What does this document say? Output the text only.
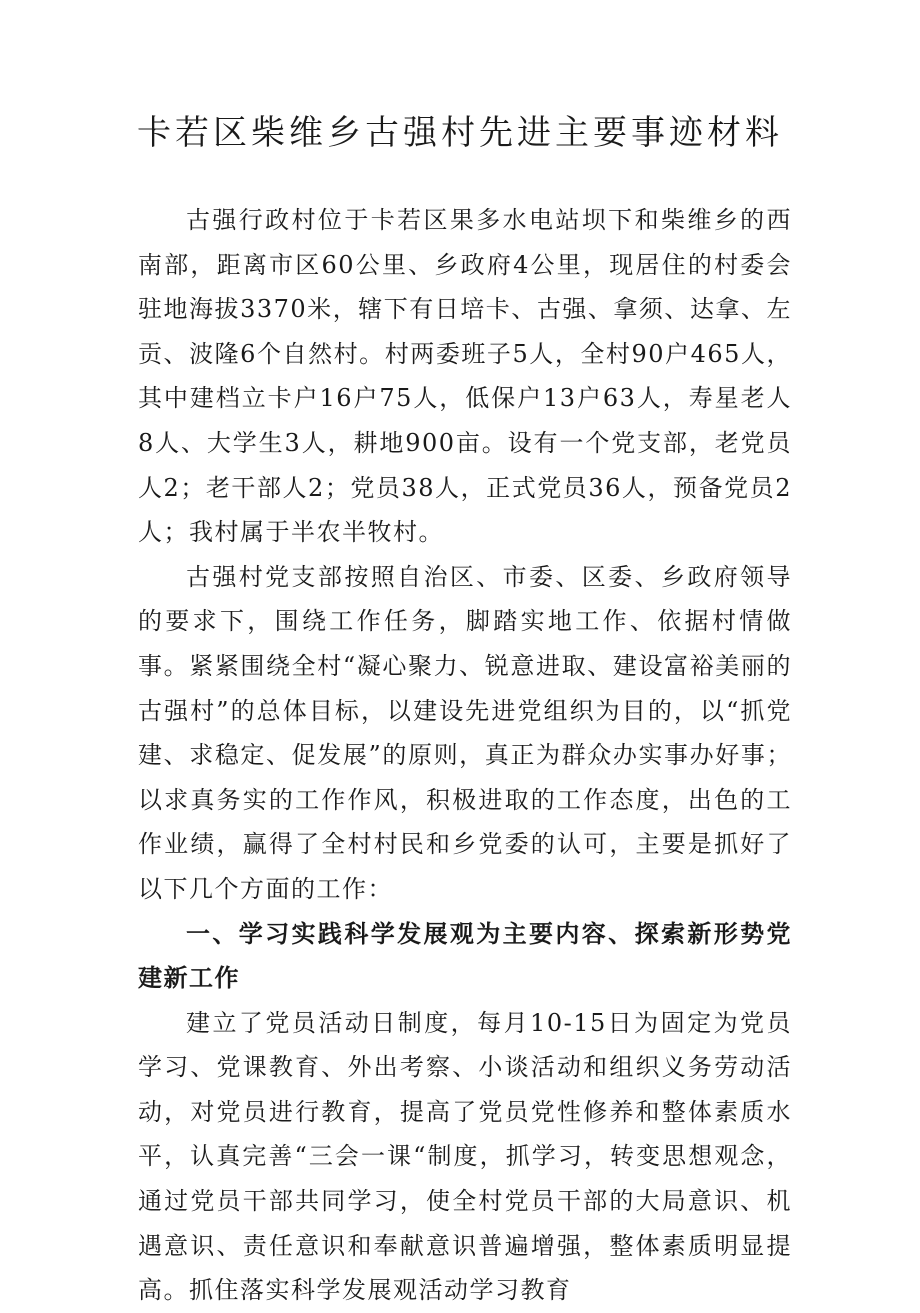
卡若区柴维乡古强村先进主要事迹材料

古强行政村位于卡若区果多水电站坝下和柴维乡的西南部，距离市区60公里、乡政府4公里，现居住的村委会驻地海拔3370米，辖下有日培卡、古强、拿须、达拿、左贡、波隆6个自然村。村两委班子5人，全村90户465人，其中建档立卡户16户75人，低保户13户63人，寿星老人8人、大学生3人，耕地900亩。设有一个党支部，老党员人2；老干部人2；党员38人，正式党员36人，预备党员2人；我村属于半农半牧村。

古强村党支部按照自治区、市委、区委、乡政府领导的要求下，围绕工作任务，脚踏实地工作、依据村情做事。紧紧围绕全村“凝心聚力、锐意进取、建设富裕美丽的古强村”的总体目标，以建设先进党组织为目的，以“抓党建、求稳定、促发展”的原则，真正为群众办实事办好事；以求真务实的工作作风，积极进取的工作态度，出色的工作业绩，赢得了全村村民和乡党委的认可，主要是抓好了以下几个方面的工作：

一、学习实践科学发展观为主要内容、探索新形势党建新工作

建立了党员活动日制度，每月10-15日为固定为党员学习、党课教育、外出考察、小谈活动和组织义务劳动活动，对党员进行教育，提高了党员党性修养和整体素质水平，认真完善“三会一课“制度，抓学习，转变思想观念，通过党员干部共同学习，使全村党员干部的大局意识、机遇意识、责任意识和奉献意识普遍增强，整体素质明显提高。抓住落实科学发展观活动学习教育
